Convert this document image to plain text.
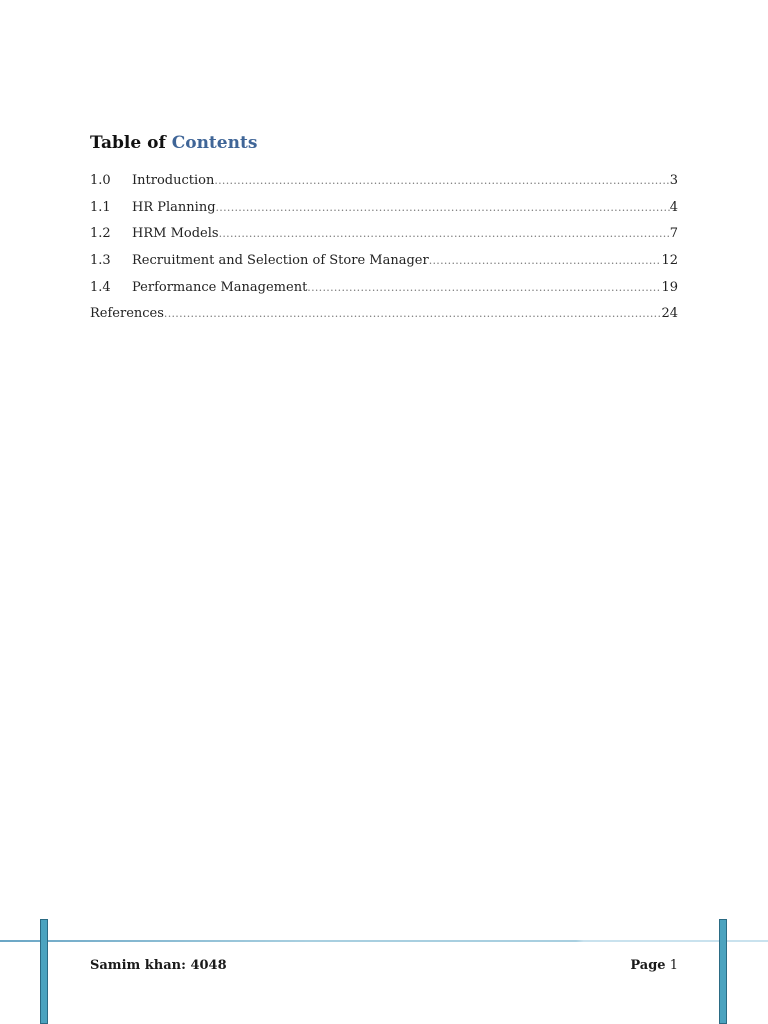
Table of Contents
1.0	Introduction .....	3
1.1	HR Planning .....	4
1.2	HRM Models .....	7
1.3	Recruitment and Selection of Store Manager .....	12
1.4	Performance Management .....	19
References .....	24
Samim khan: 4048	Page 1
